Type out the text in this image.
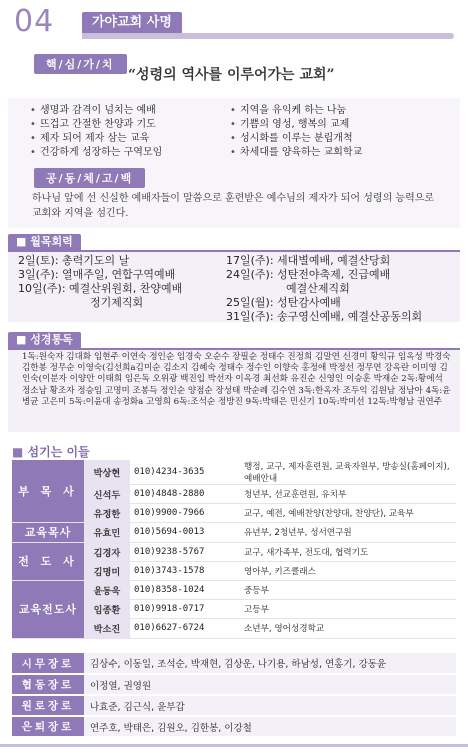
04	가야교회 사명
핵/심/가/치
“성령의 역사를 이루어가는 교회”
• 생명과 감격이 넘치는 예배
• 뜨겁고 간절한 찬양과 기도
• 제자 되어 제자 삼는 교육
• 건강하게 성장하는 구역모임
• 지역을 유익케 하는 나눔
• 기쁨의 영성, 행복의 교제
• 성시화를 이루는 분립개척
• 차세대를 양육하는 교회학교
공/동/체/고/백
하나님 앞에 선 신실한 예배자들이 말씀으로 훈련받은 예수님의 제자가 되어 성령의 능력으로 교회와 지역을 섬긴다.
■ 월목회력
2일(토): 총력기도의 날
3일(주): 열매주일, 연합구역예배
10일(주): 예결산위원회, 찬양예배
정기제직회
17일(주): 세대별예배, 예결산당회
24일(주): 성탄전야축제, 진급예배
예결산제직회
25일(월): 성탄감사예배
31일(주): 송구영신예배, 예결산공동의회
■ 성경통독
1독:원숙자 김대화 임현주 이연숙 정인순 임경숙 오순수 장필순 정태수 진정희 김말연 신경미 황익규 임옥성 박경숙 김한봉 정무순 이영숙(김선희a김미순 김소지 김혜숙 정태수 정수인 이향숙 홍정애 박정선 정무연 강옥란 이미영 김인숙(이분자 이양안 이태희 임은독 오위광 백진입 박선자 이옥경 최선화 유진순 신영인 이승훈 박재순 2독:황에석 정소남 황조자 정승임 고명미 조봉득 정인순 양점순 장성태 박순례 김수연 3독:한옥자 조두익 김원남 정남아 4독:윤병균 고은미 5독:이윤대 송정화a 고영희 6독:조석순 정방진 9독:박태은 민신기 10독:박미선 12독:박형남 권연주
■ 섬기는 이들
부 목 사	박상현	010)4234-3635	행정, 교구, 제자훈련원, 교육자원부, 방송실(홈페이지), 예배안내
	신석두	010)4848-2880	청년부, 선교훈련원, 유치부
	유정한	010)9900-7966	교구, 예전, 예배찬양(찬양대, 찬양단), 교육부
교육목사	유효민	010)5694-0013	유년부, 2청년부, 성서연구원
전 도 사	김경자	010)9238-5767	교구, 새가족부, 전도대, 협력기도
	김명미	010)3743-1578	영아부, 키즈클래스
교육전도사	윤동욱	010)8358-1024	중등부
	임종환	010)9918-0717	고등부
	박소진	010)6627-6724	소년부, 영어성경학교
시무장로	김상수, 이동일, 조석순, 박재현, 김상운, 나기용, 하남성, 연홍기, 강동윤
협동장로	이정열, 권영원
원로장로	나효준, 김근식, 윤부갑
은퇴장로	연주호, 박태은, 김원오, 김한봉, 이강철
